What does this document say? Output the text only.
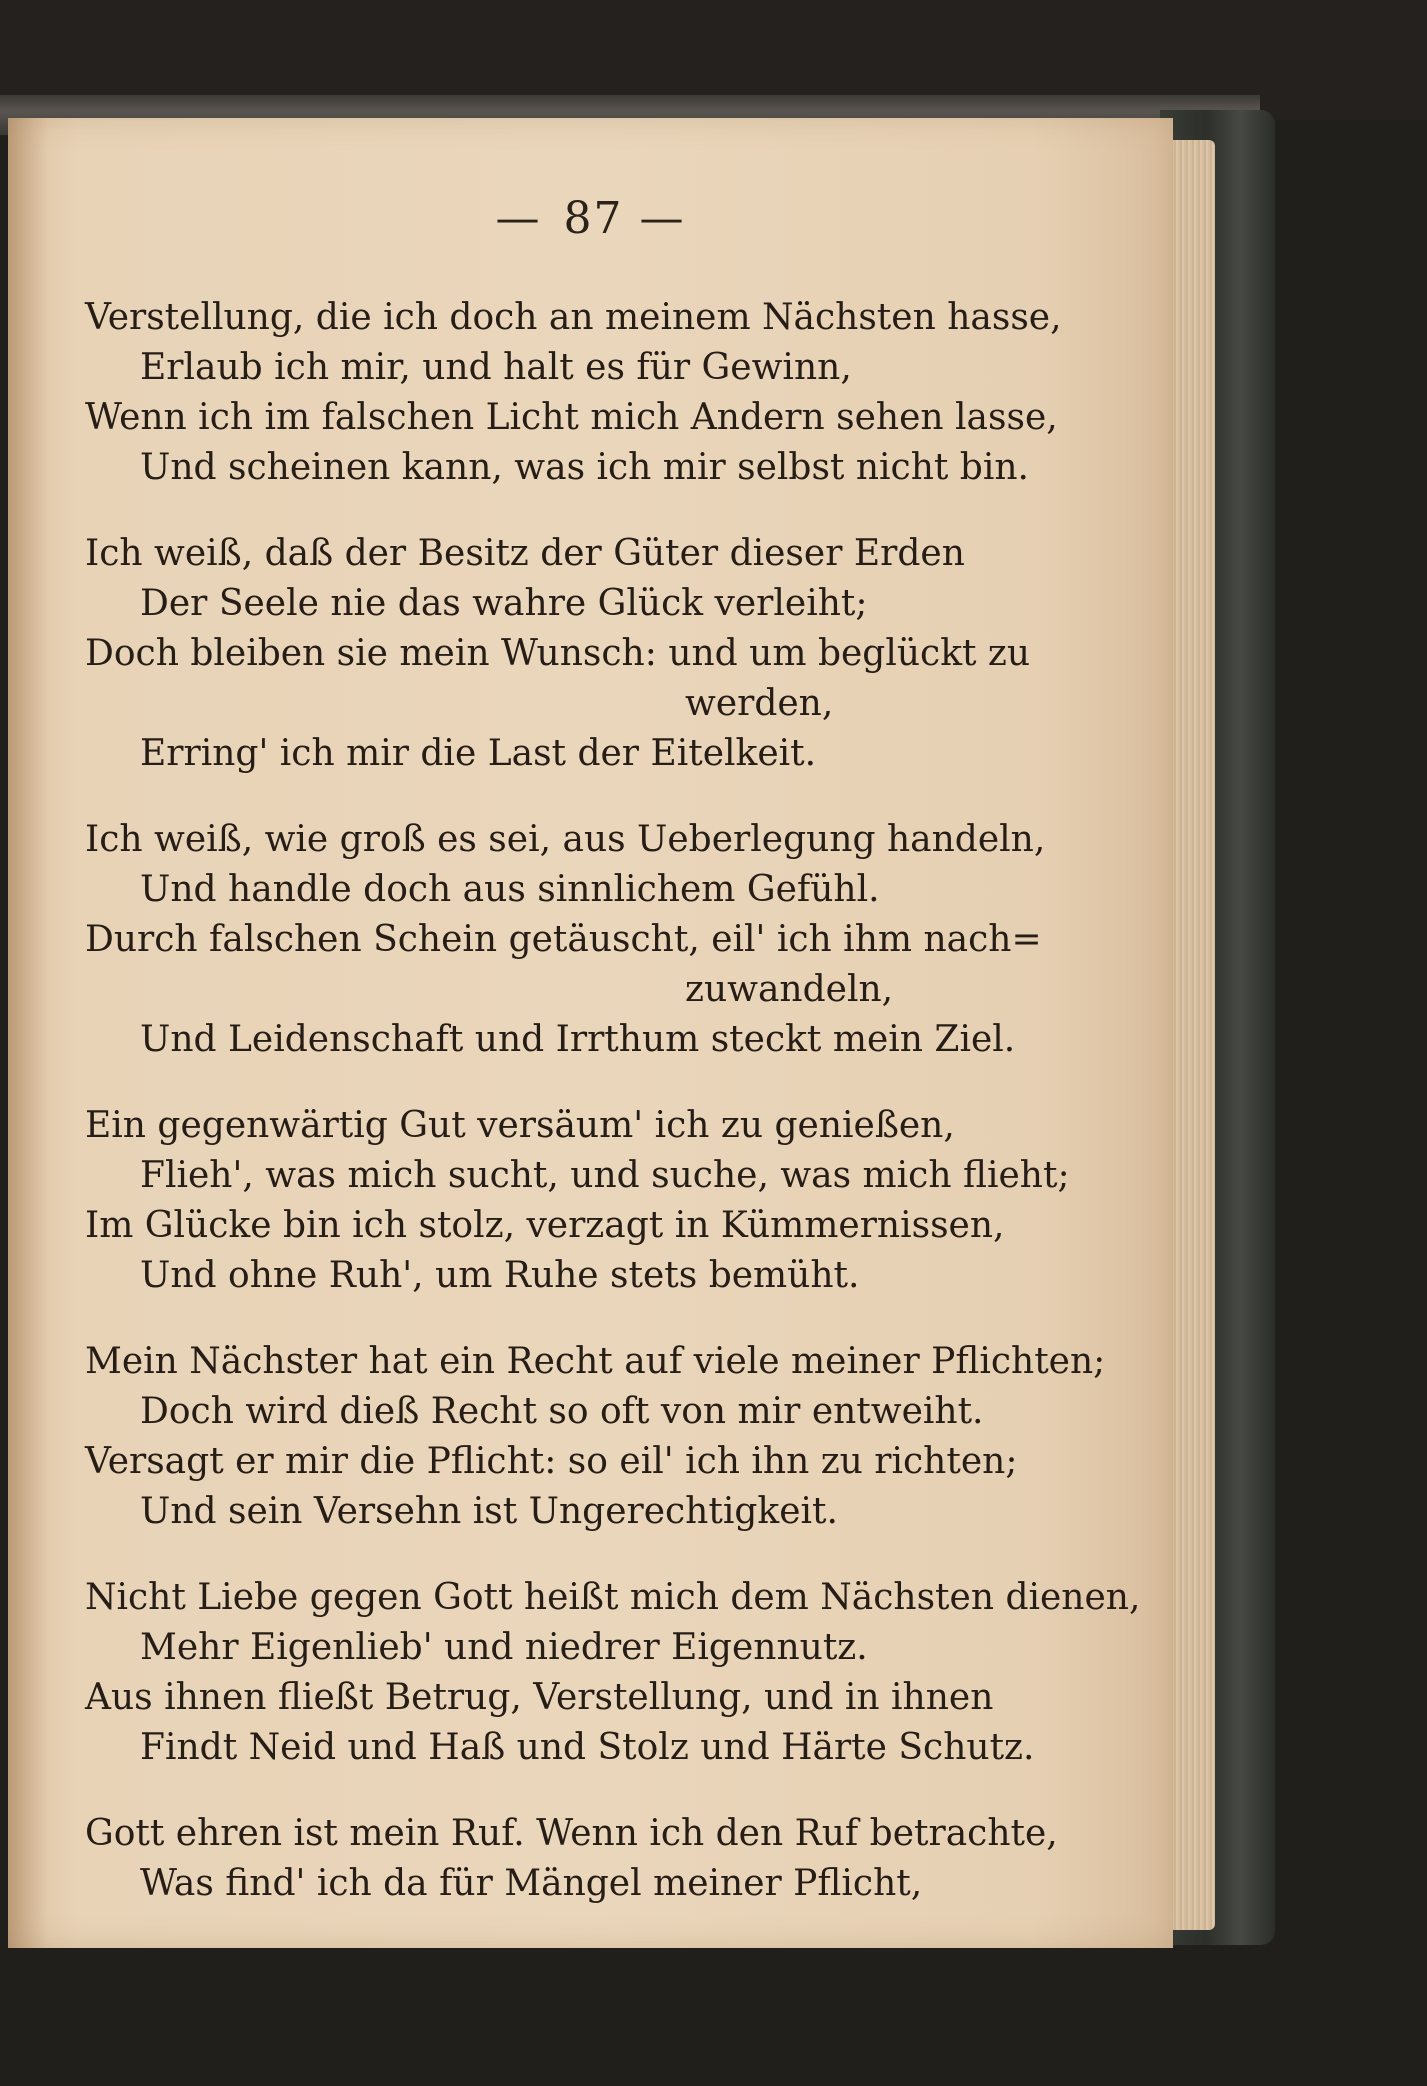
— 87 —
Verstellung, die ich doch an meinem Nächsten hasse,
Erlaub ich mir, und halt es für Gewinn,
Wenn ich im falschen Licht mich Andern sehen lasse,
Und scheinen kann, was ich mir selbst nicht bin.
Ich weiß, daß der Besitz der Güter dieser Erden
Der Seele nie das wahre Glück verleiht;
Doch bleiben sie mein Wunsch: und um beglückt zu
werden,
Erring' ich mir die Last der Eitelkeit.
Ich weiß, wie groß es sei, aus Ueberlegung handeln,
Und handle doch aus sinnlichem Gefühl.
Durch falschen Schein getäuscht, eil' ich ihm nach=
zuwandeln,
Und Leidenschaft und Irrthum steckt mein Ziel.
Ein gegenwärtig Gut versäum' ich zu genießen,
Flieh', was mich sucht, und suche, was mich flieht;
Im Glücke bin ich stolz, verzagt in Kümmernissen,
Und ohne Ruh', um Ruhe stets bemüht.
Mein Nächster hat ein Recht auf viele meiner Pflichten;
Doch wird dieß Recht so oft von mir entweiht.
Versagt er mir die Pflicht: so eil' ich ihn zu richten;
Und sein Versehn ist Ungerechtigkeit.
Nicht Liebe gegen Gott heißt mich dem Nächsten dienen,
Mehr Eigenlieb' und niedrer Eigennutz.
Aus ihnen fließt Betrug, Verstellung, und in ihnen
Findt Neid und Haß und Stolz und Härte Schutz.
Gott ehren ist mein Ruf. Wenn ich den Ruf betrachte,
Was find' ich da für Mängel meiner Pflicht,
